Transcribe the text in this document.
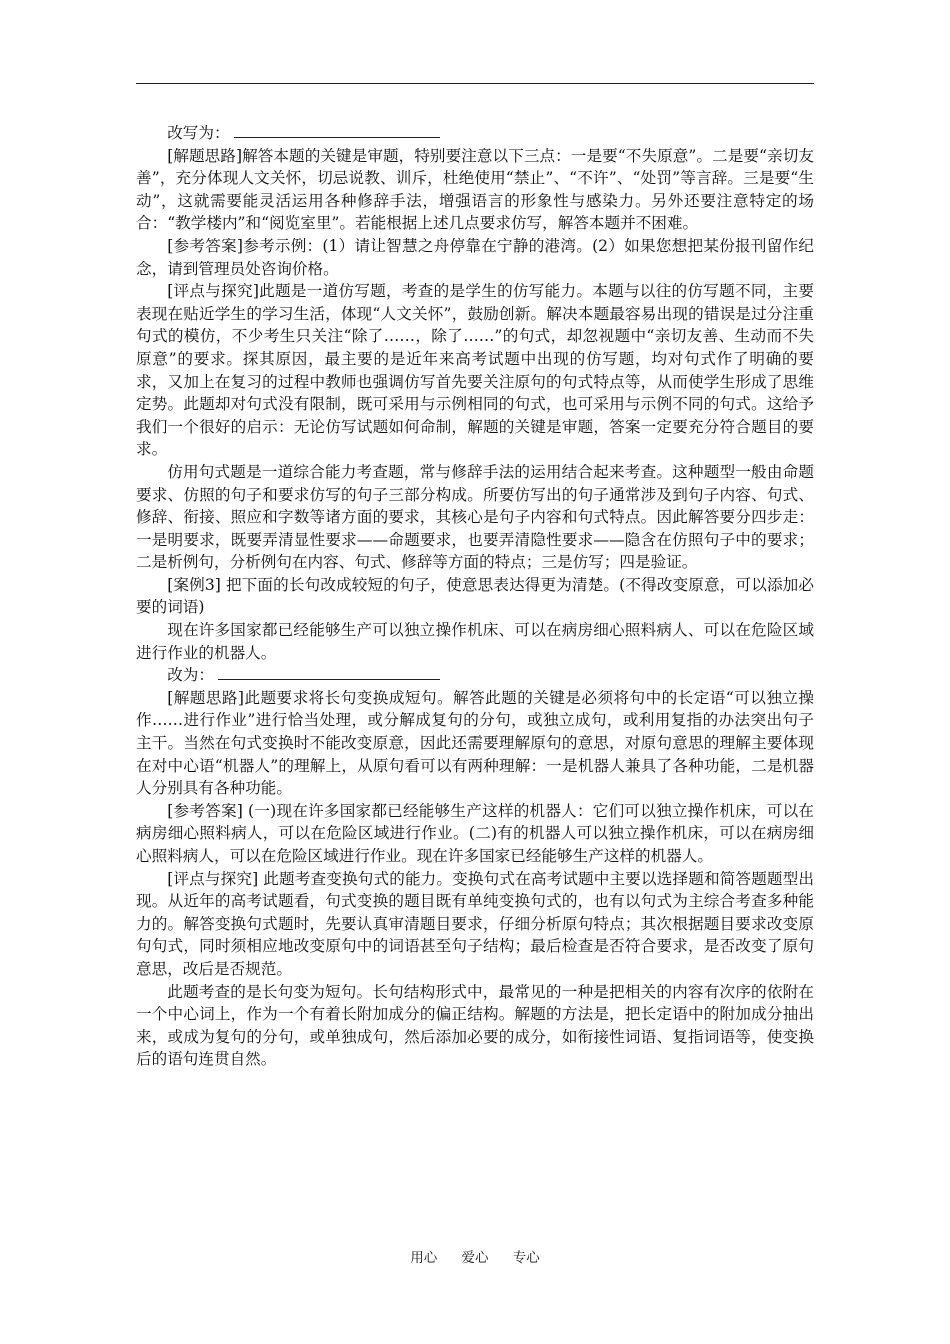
改写为：

[解题思路]解答本题的关键是审题，特别要注意以下三点：一是要“不失原意”。二是要“亲切友善”，充分体现人文关怀，切忌说教、训斥，杜绝使用“禁止”、“不许”、“处罚”等言辞。三是要“生动”，这就需要能灵活运用各种修辞手法，增强语言的形象性与感染力。另外还要注意特定的场合：“教学楼内”和“阅览室里”。若能根据上述几点要求仿写，解答本题并不困难。

[参考答案]参考示例：(1）请让智慧之舟停靠在宁静的港湾。(2）如果您想把某份报刊留作纪念，请到管理员处咨询价格。

[评点与探究]此题是一道仿写题，考查的是学生的仿写能力。本题与以往的仿写题不同，主要表现在贴近学生的学习生活，体现“人文关怀”，鼓励创新。解决本题最容易出现的错误是过分注重句式的模仿，不少考生只关注“除了……，除了……”的句式，却忽视题中“亲切友善、生动而不失原意”的要求。探其原因，最主要的是近年来高考试题中出现的仿写题，均对句式作了明确的要求，又加上在复习的过程中教师也强调仿写首先要关注原句的句式特点等，从而使学生形成了思维定势。此题却对句式没有限制，既可采用与示例相同的句式，也可采用与示例不同的句式。这给予我们一个很好的启示：无论仿写试题如何命制，解题的关键是审题，答案一定要充分符合题目的要求。

仿用句式题是一道综合能力考查题，常与修辞手法的运用结合起来考查。这种题型一般由命题要求、仿照的句子和要求仿写的句子三部分构成。所要仿写出的句子通常涉及到句子内容、句式、修辞、衔接、照应和字数等诸方面的要求，其核心是句子内容和句式特点。因此解答要分四步走：一是明要求，既要弄清显性要求——命题要求，也要弄清隐性要求——隐含在仿照句子中的要求；二是析例句，分析例句在内容、句式、修辞等方面的特点；三是仿写；四是验证。

[案例3] 把下面的长句改成较短的句子，使意思表达得更为清楚。(不得改变原意，可以添加必要的词语)

现在许多国家都已经能够生产可以独立操作机床、可以在病房细心照料病人、可以在危险区域进行作业的机器人。

改为：

[解题思路]此题要求将长句变换成短句。解答此题的关键是必须将句中的长定语“可以独立操作……进行作业”进行恰当处理，或分解成复句的分句，或独立成句，或利用复指的办法突出句子主干。当然在句式变换时不能改变原意，因此还需要理解原句的意思，对原句意思的理解主要体现在对中心语“机器人”的理解上，从原句看可以有两种理解：一是机器人兼具了各种功能，二是机器人分别具有各种功能。

[参考答案] (一)现在许多国家都已经能够生产这样的机器人：它们可以独立操作机床，可以在病房细心照料病人，可以在危险区域进行作业。(二)有的机器人可以独立操作机床，可以在病房细心照料病人，可以在危险区域进行作业。现在许多国家已经能够生产这样的机器人。

[评点与探究] 此题考查变换句式的能力。变换句式在高考试题中主要以选择题和简答题题型出现。从近年的高考试题看，句式变换的题目既有单纯变换句式的，也有以句式为主综合考查多种能力的。解答变换句式题时，先要认真审清题目要求，仔细分析原句特点；其次根据题目要求改变原句句式，同时须相应地改变原句中的词语甚至句子结构；最后检查是否符合要求，是否改变了原句意思，改后是否规范。

此题考查的是长句变为短句。长句结构形式中，最常见的一种是把相关的内容有次序的依附在一个中心词上，作为一个有着长附加成分的偏正结构。解题的方法是，把长定语中的附加成分抽出来，或成为复句的分句，或单独成句，然后添加必要的成分，如衔接性词语、复指词语等，使变换后的语句连贯自然。

用心 爱心 专心
